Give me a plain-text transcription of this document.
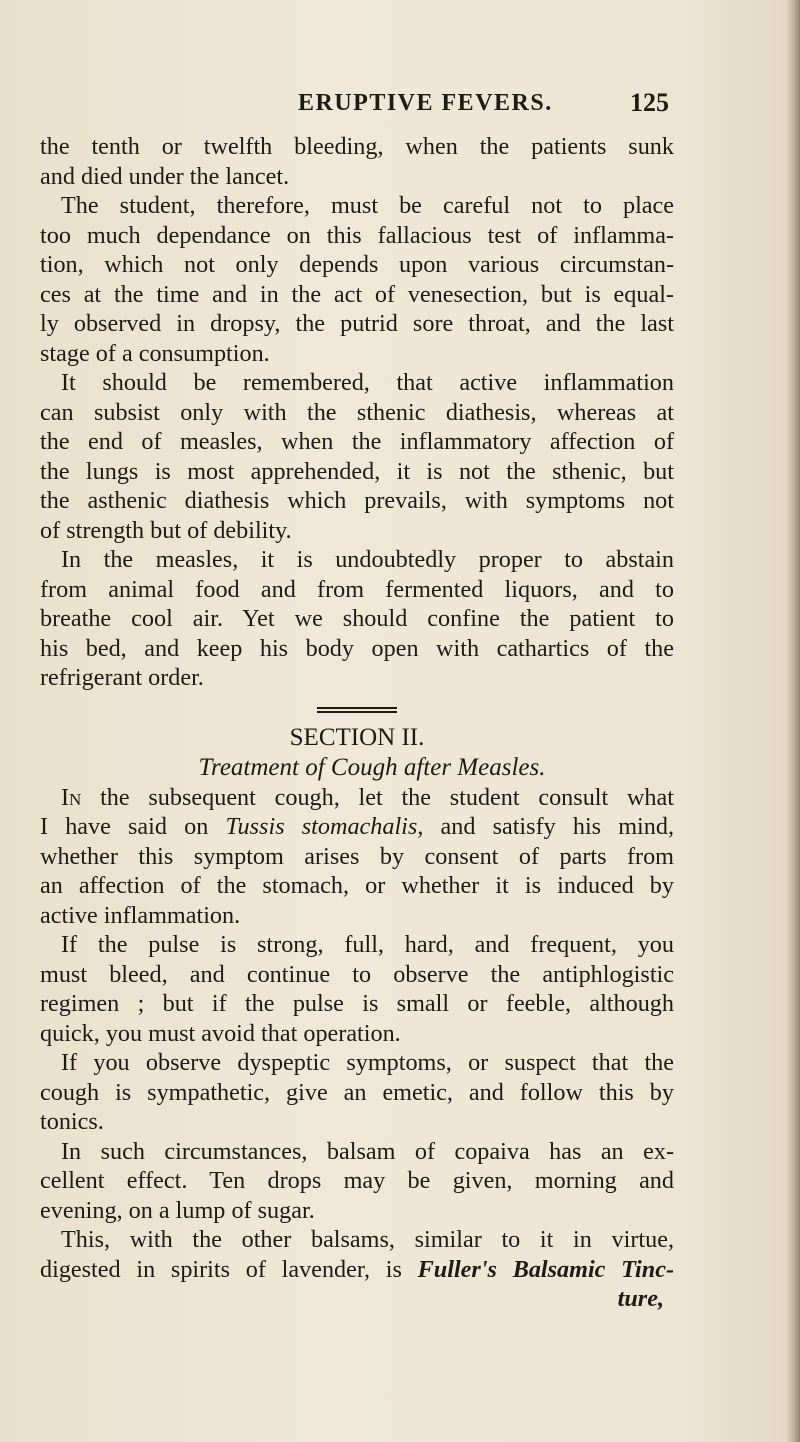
ERUPTIVE FEVERS.	125
the tenth or twelfth bleeding, when the patients sunk
and died under the lancet.
The student, therefore, must be careful not to place
too much dependance on this fallacious test of inflamma-
tion, which not only depends upon various circumstan-
ces at the time and in the act of venesection, but is equal-
ly observed in dropsy, the putrid sore throat, and the last
stage of a consumption.
It should be remembered, that active inflammation
can subsist only with the sthenic diathesis, whereas at
the end of measles, when the inflammatory affection of
the lungs is most apprehended, it is not the sthenic, but
the asthenic diathesis which prevails, with symptoms not
of strength but of debility.
In the measles, it is undoubtedly proper to abstain
from animal food and from fermented liquors, and to
breathe cool air. Yet we should confine the patient to
his bed, and keep his body open with cathartics of the
refrigerant order.
SECTION II.
Treatment of Cough after Measles.
In the subsequent cough, let the student consult what
I have said on Tussis stomachalis, and satisfy his mind,
whether this symptom arises by consent of parts from
an affection of the stomach, or whether it is induced by
active inflammation.
If the pulse is strong, full, hard, and frequent, you
must bleed, and continue to observe the antiphlogistic
regimen ; but if the pulse is small or feeble, although
quick, you must avoid that operation.
If you observe dyspeptic symptoms, or suspect that the
cough is sympathetic, give an emetic, and follow this by
tonics.
In such circumstances, balsam of copaiva has an ex-
cellent effect. Ten drops may be given, morning and
evening, on a lump of sugar.
This, with the other balsams, similar to it in virtue,
digested in spirits of lavender, is Fuller's Balsamic Tinc-
ture,
